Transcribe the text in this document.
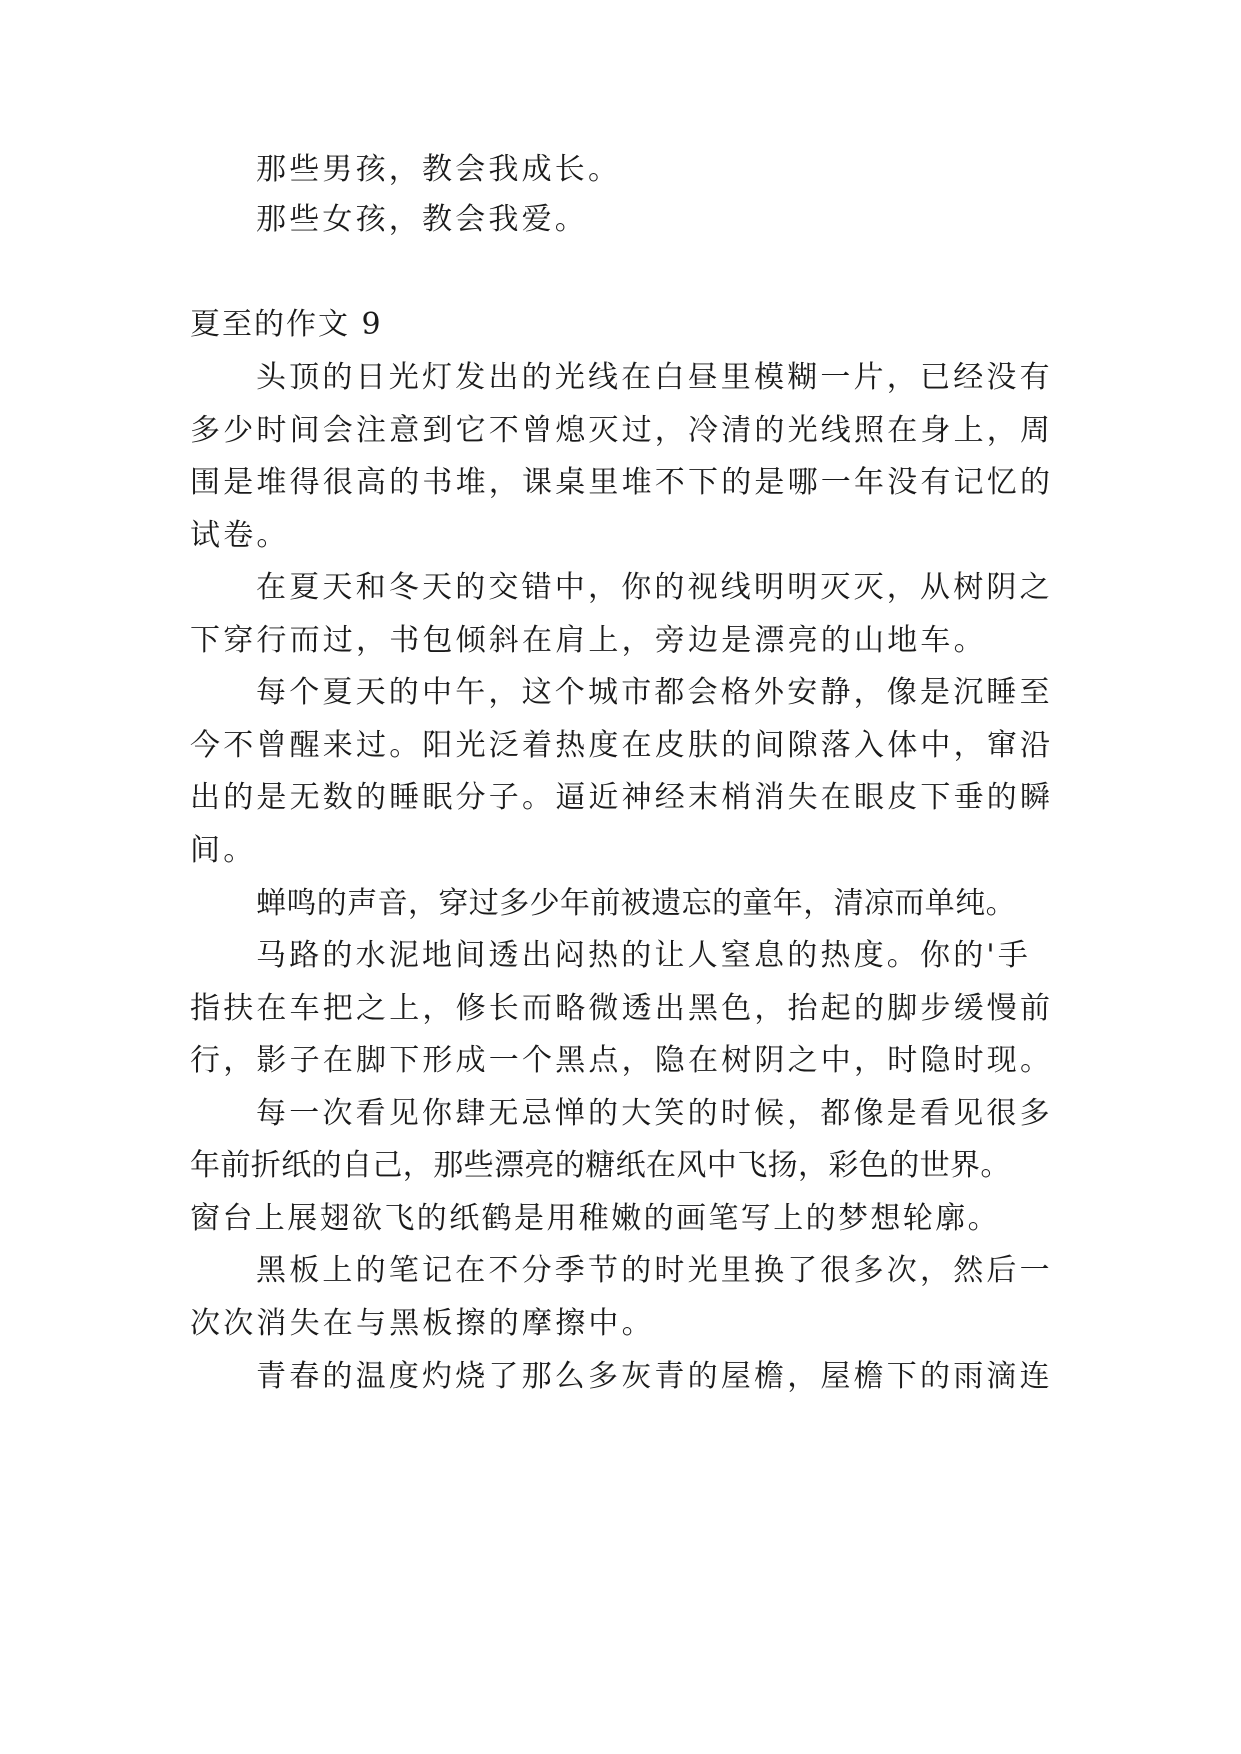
那些男孩，教会我成长。
那些女孩，教会我爱。
夏至的作文 9
头顶的日光灯发出的光线在白昼里模糊一片，已经没有
多少时间会注意到它不曾熄灭过，冷清的光线照在身上，周
围是堆得很高的书堆，课桌里堆不下的是哪一年没有记忆的
试卷。
在夏天和冬天的交错中，你的视线明明灭灭，从树阴之
下穿行而过，书包倾斜在肩上，旁边是漂亮的山地车。
每个夏天的中午，这个城市都会格外安静，像是沉睡至
今不曾醒来过。阳光泛着热度在皮肤的间隙落入体中，窜沿
出的是无数的睡眠分子。逼近神经末梢消失在眼皮下垂的瞬
间。
蝉鸣的声音，穿过多少年前被遗忘的童年，清凉而单纯。
马路的水泥地间透出闷热的让人窒息的热度。你的'手
指扶在车把之上，修长而略微透出黑色，抬起的脚步缓慢前
行，影子在脚下形成一个黑点，隐在树阴之中，时隐时现。
每一次看见你肆无忌惮的大笑的时候，都像是看见很多
年前折纸的自己，那些漂亮的糖纸在风中飞扬，彩色的世界。
窗台上展翅欲飞的纸鹤是用稚嫩的画笔写上的梦想轮廓。
黑板上的笔记在不分季节的时光里换了很多次，然后一
次次消失在与黑板擦的摩擦中。
青春的温度灼烧了那么多灰青的屋檐，屋檐下的雨滴连
